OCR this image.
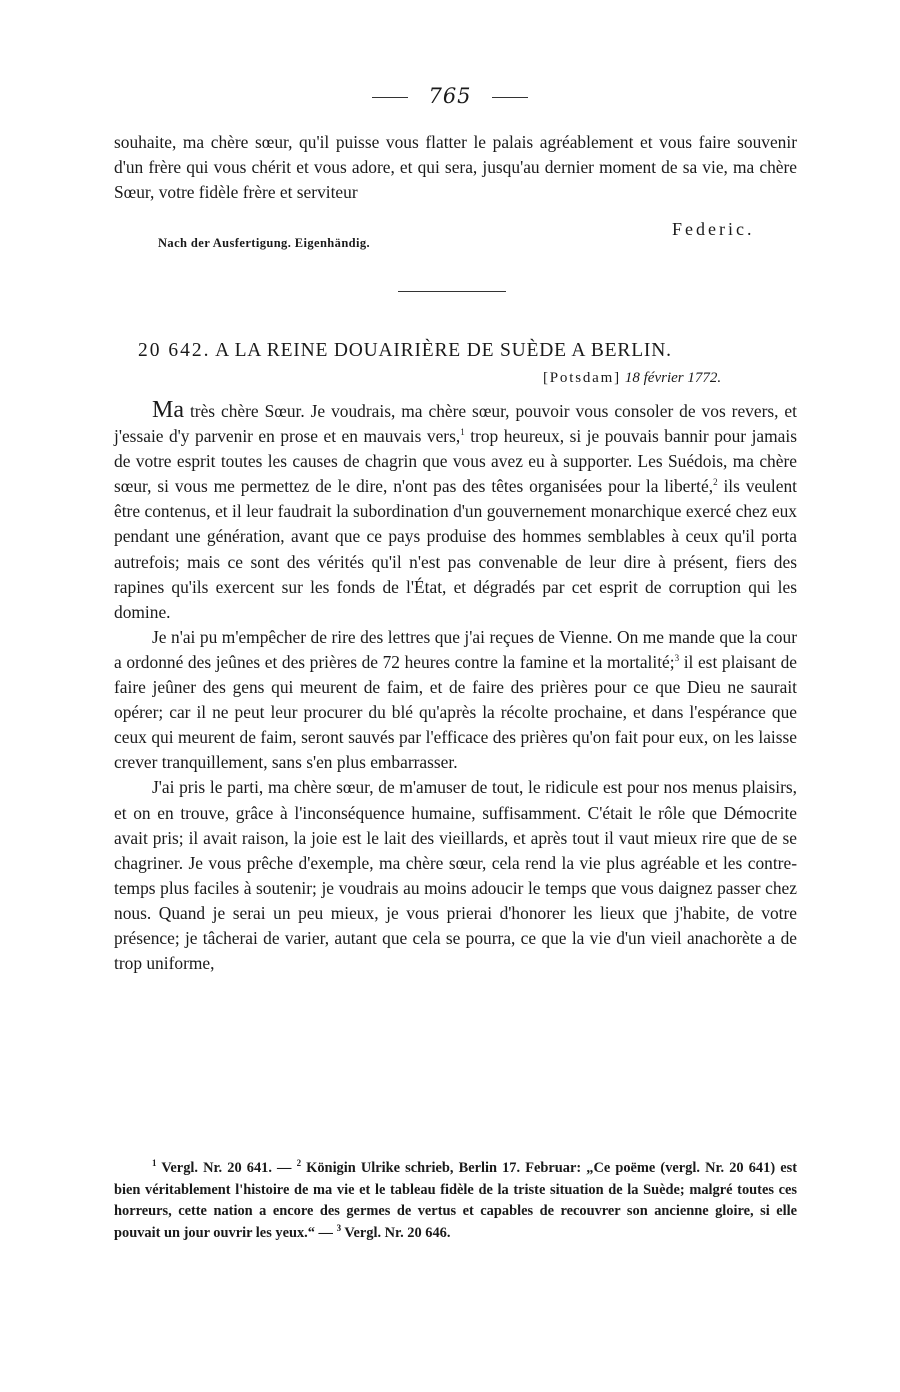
765

souhaite, ma chère sœur, qu'il puisse vous flatter le palais agréablement et vous faire souvenir d'un frère qui vous chérit et vous adore, et qui sera, jusqu'au dernier moment de sa vie, ma chère Sœur, votre fidèle frère et serviteur

Federic.
Nach der Ausfertigung. Eigenhändig.
20 642. A LA REINE DOUAIRIÈRE DE SUÈDE A BERLIN.
[Potsdam] 18 février 1772.

Ma très chère Sœur. Je voudrais, ma chère sœur, pouvoir vous consoler de vos revers, et j'essaie d'y parvenir en prose et en mauvais vers,$^1$ trop heureux, si je pouvais bannir pour jamais de votre esprit toutes les causes de chagrin que vous avez eu à supporter. Les Suédois, ma chère sœur, si vous me permettez de le dire, n'ont pas des têtes organisées pour la liberté,$^2$ ils veulent être contenus, et il leur faudrait la subordination d'un gouvernement monarchique exercé chez eux pendant une génération, avant que ce pays produise des hommes semblables à ceux qu'il porta autrefois; mais ce sont des vérités qu'il n'est pas convenable de leur dire à présent, fiers des rapines qu'ils exercent sur les fonds de l'État, et dégradés par cet esprit de corruption qui les domine.

Je n'ai pu m'empêcher de rire des lettres que j'ai reçues de Vienne. On me mande que la cour a ordonné des jeûnes et des prières de 72 heures contre la famine et la mortalité;$^3$ il est plaisant de faire jeûner des gens qui meurent de faim, et de faire des prières pour ce que Dieu ne saurait opérer; car il ne peut leur procurer du blé qu'après la récolte prochaine, et dans l'espérance que ceux qui meurent de faim, seront sauvés par l'efficace des prières qu'on fait pour eux, on les laisse crever tranquillement, sans s'en plus embarrasser.

J'ai pris le parti, ma chère sœur, de m'amuser de tout, le ridicule est pour nos menus plaisirs, et on en trouve, grâce à l'inconséquence humaine, suffisamment. C'était le rôle que Démocrite avait pris; il avait raison, la joie est le lait des vieillards, et après tout il vaut mieux rire que de se chagriner. Je vous prêche d'exemple, ma chère sœur, cela rend la vie plus agréable et les contre-temps plus faciles à soutenir; je voudrais au moins adoucir le temps que vous daignez passer chez nous. Quand je serai un peu mieux, je vous prierai d'honorer les lieux que j'habite, de votre présence; je tâcherai de varier, autant que cela se pourra, ce que la vie d'un vieil anachorète a de trop uniforme,

$^1$ Vergl. Nr. 20 641. — $^2$ Königin Ulrike schrieb, Berlin 17. Februar: „Ce poëme (vergl. Nr. 20 641) est bien véritablement l'histoire de ma vie et le tableau fidèle de la triste situation de la Suède; malgré toutes ces horreurs, cette nation a encore des germes de vertus et capables de recouvrer son ancienne gloire, si elle pouvait un jour ouvrir les yeux.“ — $^3$ Vergl. Nr. 20 646.
